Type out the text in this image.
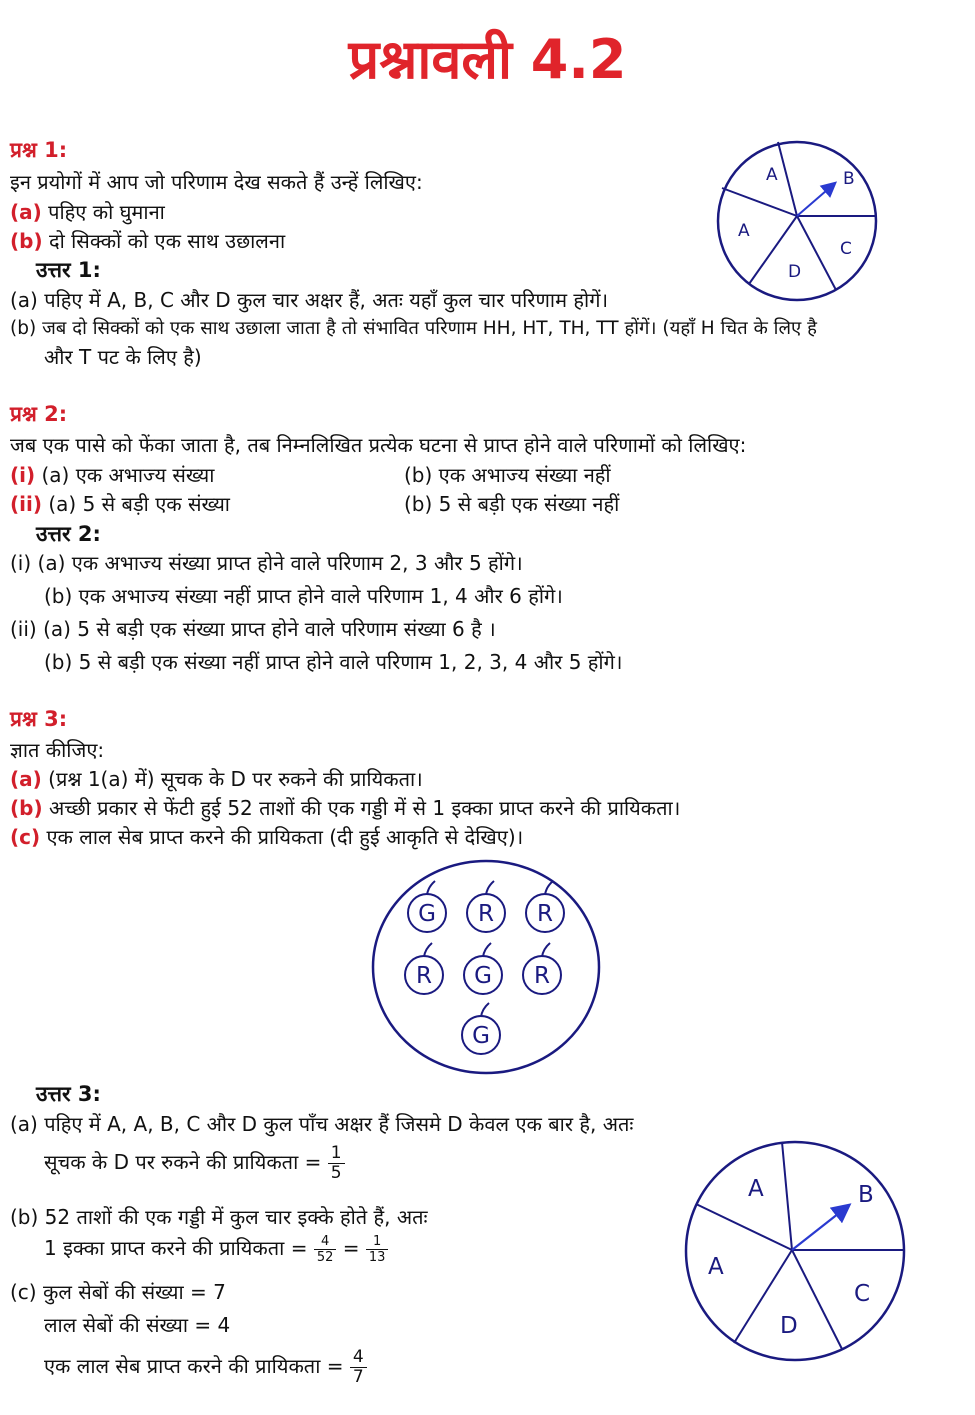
प्रश्नावली 4.2
प्रश्न 1:
इन प्रयोगों में आप जो परिणाम देख सकते हैं उन्हें लिखिए:
(a) पहिए को घुमाना
(b) दो सिक्कों को एक साथ उछालना
A	B
A
C
D
उत्तर 1:
(a) पहिए में A, B, C और D कुल चार अक्षर हैं, अतः यहाँ कुल चार परिणाम होगें।
(b) जब दो सिक्कों को एक साथ उछाला जाता है तो संभावित परिणाम HH, HT, TH, TT होंगें। (यहाँ H चित के लिए है
और T पट के लिए है)
प्रश्न 2:
जब एक पासे को फेंका जाता है, तब निम्नलिखित प्रत्येक घटना से प्राप्त होने वाले परिणामों को लिखिए:
(i) (a) एक अभाज्य संख्या	(b) एक अभाज्य संख्या नहीं
(ii) (a) 5 से बड़ी एक संख्या	(b) 5 से बड़ी एक संख्या नहीं
उत्तर 2:
(i) (a) एक अभाज्य संख्या प्राप्त होने वाले परिणाम 2, 3 और 5 होंगे।
(b) एक अभाज्य संख्या नहीं प्राप्त होने वाले परिणाम 1, 4 और 6 होंगे।
(ii) (a) 5 से बड़ी एक संख्या प्राप्त होने वाले परिणाम संख्या 6 है ।
(b) 5 से बड़ी एक संख्या नहीं प्राप्त होने वाले परिणाम 1, 2, 3, 4 और 5 होंगे।
प्रश्न 3:
ज्ञात कीजिए:
(a) (प्रश्न 1(a) में) सूचक के D पर रुकने की प्रायिकता।
(b) अच्छी प्रकार से फेंटी हुई 52 ताशों की एक गड्डी में से 1 इक्का प्राप्त करने की प्रायिकता।
(c) एक लाल सेब प्राप्त करने की प्रायिकता (दी हुई आकृति से देखिए)।
G R R
R G R
G
उत्तर 3:
(a) पहिए में A, A, B, C और D कुल पाँच अक्षर हैं जिसमे D केवल एक बार है, अतः
सूचक के D पर रुकने की प्रायिकता = $\frac{1}{5}$
(b) 52 ताशों की एक गड्डी में कुल चार इक्के होते हैं, अतः
1 इक्का प्राप्त करने की प्रायिकता = $\frac{4}{52} = \frac{1}{13}$
(c) कुल सेबों की संख्या = 7
लाल सेबों की संख्या = 4
एक लाल सेब प्राप्त करने की प्रायिकता = $\frac{4}{7}$
A	B
A
C
D
